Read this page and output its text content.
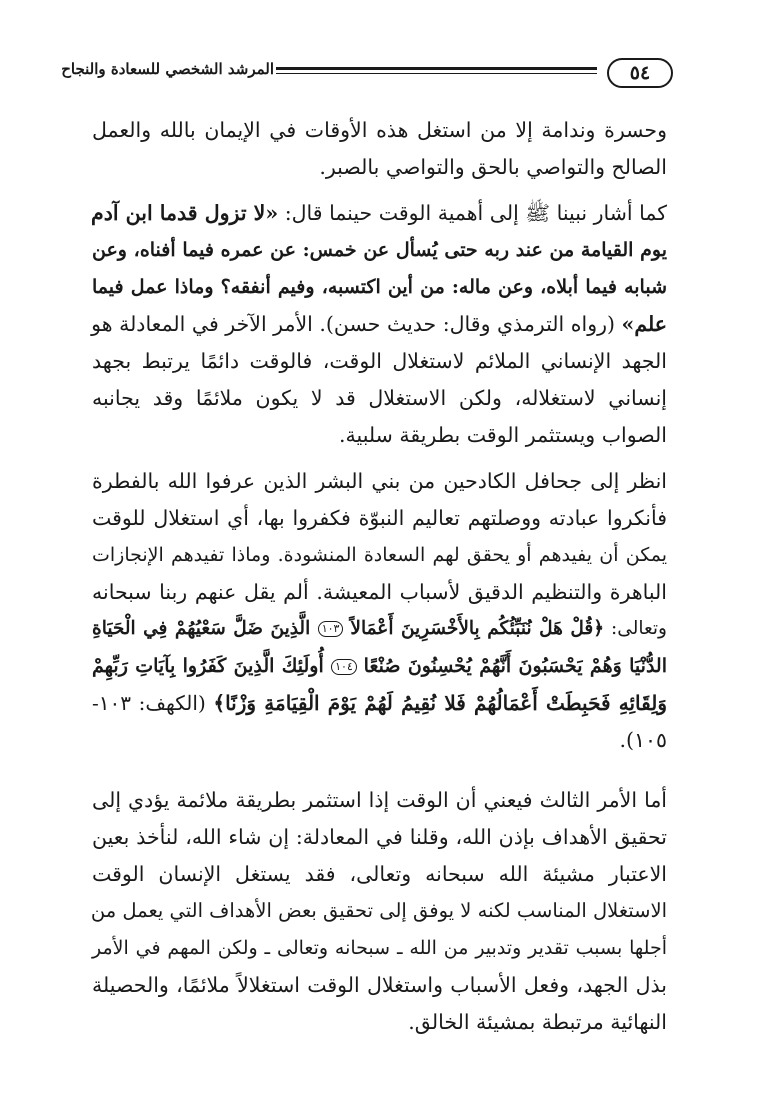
المرشد الشخصي للسعادة والنجاح	٥٤
وحسرة وندامة إلا من استغل هذه الأوقات في الإيمان بالله والعمل
الصالح والتواصي بالحق والتواصي بالصبر.
كما أشار نبينا ﷺ إلى أهمية الوقت حينما قال: «لا تزول قدما ابن آدم
يوم القيامة من عند ربه حتى يُسأل عن خمس: عن عمره فيما أفناه، وعن
شبابه فيما أبلاه، وعن ماله: من أين اكتسبه، وفيم أنفقه؟ وماذا عمل فيما
علم» (رواه الترمذي وقال: حديث حسن). الأمر الآخر في المعادلة هو
الجهد الإنساني الملائم لاستغلال الوقت، فالوقت دائمًا يرتبط بجهد
إنساني لاستغلاله، ولكن الاستغلال قد لا يكون ملائمًا وقد يجانبه
الصواب ويستثمر الوقت بطريقة سلبية.
انظر إلى جحافل الكادحين من بني البشر الذين عرفوا الله بالفطرة
فأنكروا عبادته ووصلتهم تعاليم النبوّة فكفروا بها، أي استغلال للوقت
يمكن أن يفيدهم أو يحقق لهم السعادة المنشودة. وماذا تفيدهم الإنجازات
الباهرة والتنظيم الدقيق لأسباب المعيشة. ألم يقل عنهم ربنا سبحانه
وتعالى: ﴿قُلْ هَلْ نُنَبِّئُكُم بِالأَخْسَرِينَ أَعْمَالاً ١٠٣ الَّذِينَ ضَلَّ سَعْيُهُمْ فِي الْحَيَاةِ
الدُّنْيَا وَهُمْ يَحْسَبُونَ أَنَّهُمْ يُحْسِنُونَ صُنْعًا ١٠٤ أُولَئِكَ الَّذِينَ كَفَرُوا بِآيَاتِ رَبِّهِمْ
وَلِقَائِهِ فَحَبِطَتْ أَعْمَالُهُمْ فَلا نُقِيمُ لَهُمْ يَوْمَ الْقِيَامَةِ وَزْنًا﴾ (الكهف: ١٠٣-
١٠٥).
أما الأمر الثالث فيعني أن الوقت إذا استثمر بطريقة ملائمة يؤدي إلى
تحقيق الأهداف بإذن الله، وقلنا في المعادلة: إن شاء الله، لنأخذ بعين
الاعتبار مشيئة الله سبحانه وتعالى، فقد يستغل الإنسان الوقت
الاستغلال المناسب لكنه لا يوفق إلى تحقيق بعض الأهداف التي يعمل من
أجلها بسبب تقدير وتدبير من الله ـ سبحانه وتعالى ـ ولكن المهم في الأمر
بذل الجهد، وفعل الأسباب واستغلال الوقت استغلالاً ملائمًا، والحصيلة
النهائية مرتبطة بمشيئة الخالق.
